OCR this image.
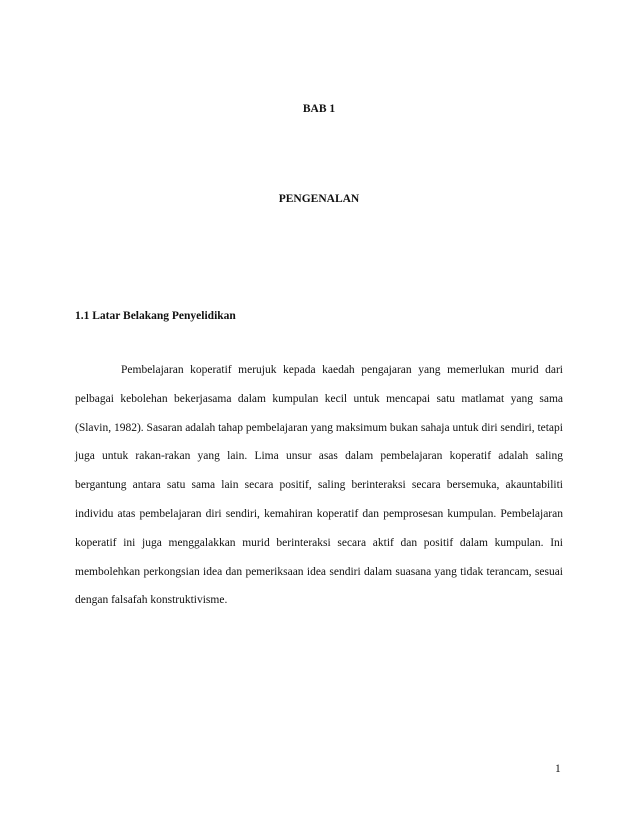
BAB 1
PENGENALAN
1.1 Latar Belakang Penyelidikan

Pembelajaran koperatif merujuk kepada kaedah pengajaran yang memerlukan murid dari pelbagai kebolehan bekerjasama dalam kumpulan kecil untuk mencapai satu matlamat yang sama (Slavin, 1982). Sasaran adalah tahap pembelajaran yang maksimum bukan sahaja untuk diri sendiri, tetapi juga untuk rakan-rakan yang lain. Lima unsur asas dalam pembelajaran koperatif adalah saling bergantung antara satu sama lain secara positif, saling berinteraksi secara bersemuka, akauntabiliti individu atas pembelajaran diri sendiri, kemahiran koperatif dan pemprosesan kumpulan. Pembelajaran koperatif ini juga menggalakkan murid berinteraksi secara aktif dan positif dalam kumpulan. Ini membolehkan perkongsian idea dan pemeriksaan idea sendiri dalam suasana yang tidak terancam, sesuai dengan falsafah konstruktivisme.

1
